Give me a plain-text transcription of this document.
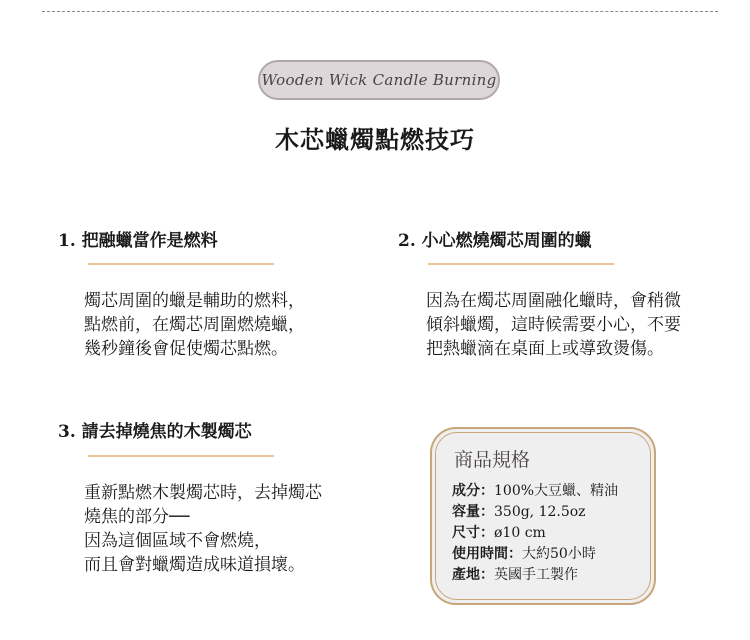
Wooden Wick Candle Burning
木芯蠟燭點燃技巧
1. 把融蠟當作是燃料
燭芯周圍的蠟是輔助的燃料，
點燃前，在燭芯周圍燃燒蠟，
幾秒鐘後會促使燭芯點燃。
2. 小心燃燒燭芯周圍的蠟
因為在燭芯周圍融化蠟時，會稍微
傾斜蠟燭，這時候需要小心，不要
把熱蠟滴在桌面上或導致燙傷。
3. 請去掉燒焦的木製燭芯
重新點燃木製燭芯時，去掉燭芯
燒焦的部分──
因為這個區域不會燃燒，
而且會對蠟燭造成味道損壞。
商品規格
成分：100%大豆蠟、精油
容量：350g, 12.5oz
尺寸：ø10 cm
使用時間：大約50小時
產地：英國手工製作
